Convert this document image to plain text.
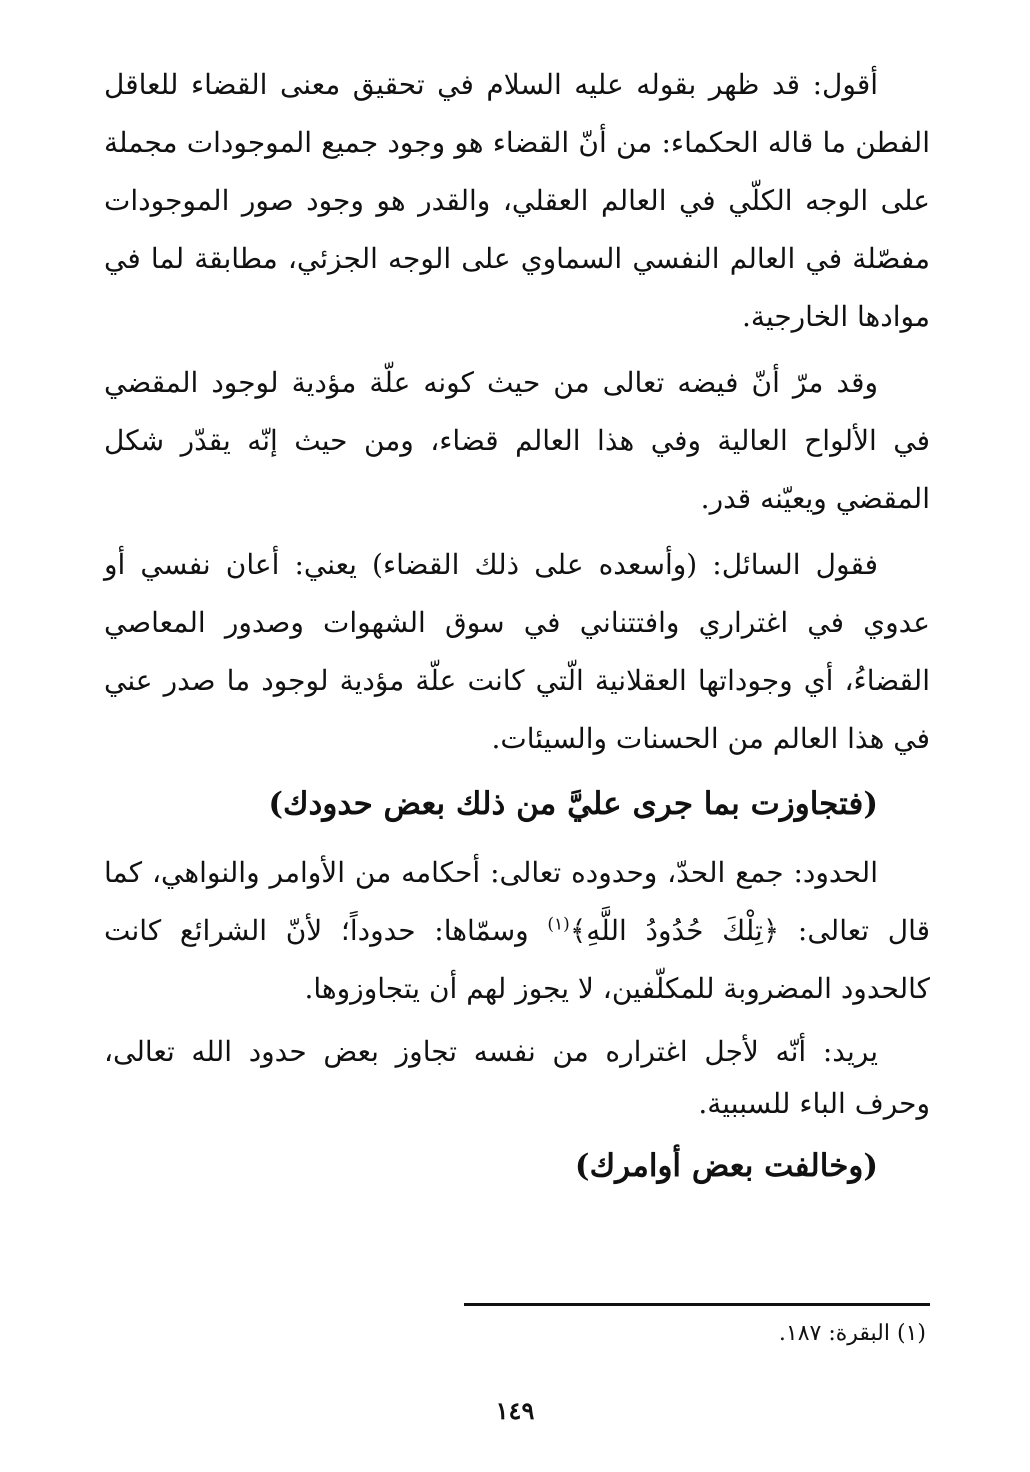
أقول: قد ظهر بقوله عليه السلام في تحقيق معنى القضاء للعاقل الفطن ما قاله الحكماء: من أنّ القضاء هو وجود جميع الموجودات مجملة على الوجه الكلّي في العالم العقلي، والقدر هو وجود صور الموجودات مفصّلة في العالم النفسي السماوي على الوجه الجزئي، مطابقة لما في موادها الخارجية.

وقد مرّ أنّ فيضه تعالى من حيث كونه علّة مؤدية لوجود المقضي في الألواح العالية وفي هذا العالم قضاء، ومن حيث إنّه يقدّر شكل المقضي ويعيّنه قدر.

فقول السائل: (وأسعده على ذلك القضاء) يعني: أعان نفسي أو عدوي في اغتراري وافتتناني في سوق الشهوات وصدور المعاصي القضاءُ، أي وجوداتها العقلانية الّتي كانت علّة مؤدية لوجود ما صدر عني في هذا العالم من الحسنات والسيئات.

(فتجاوزت بما جرى عليَّ من ذلك بعض حدودك)

الحدود: جمع الحدّ، وحدوده تعالى: أحكامه من الأوامر والنواهي، كما قال تعالى: ﴿تِلْكَ حُدُودُ اللَّهِ﴾$^{(١)}$ وسمّاها: حدوداً؛ لأنّ الشرائع كانت كالحدود المضروبة للمكلّفين، لا يجوز لهم أن يتجاوزوها.

يريد: أنّه لأجل اغتراره من نفسه تجاوز بعض حدود الله تعالى، وحرف الباء للسببية.

(وخالفت بعض أوامرك)

(١) البقرة: ١٨٧.
١٤٩
